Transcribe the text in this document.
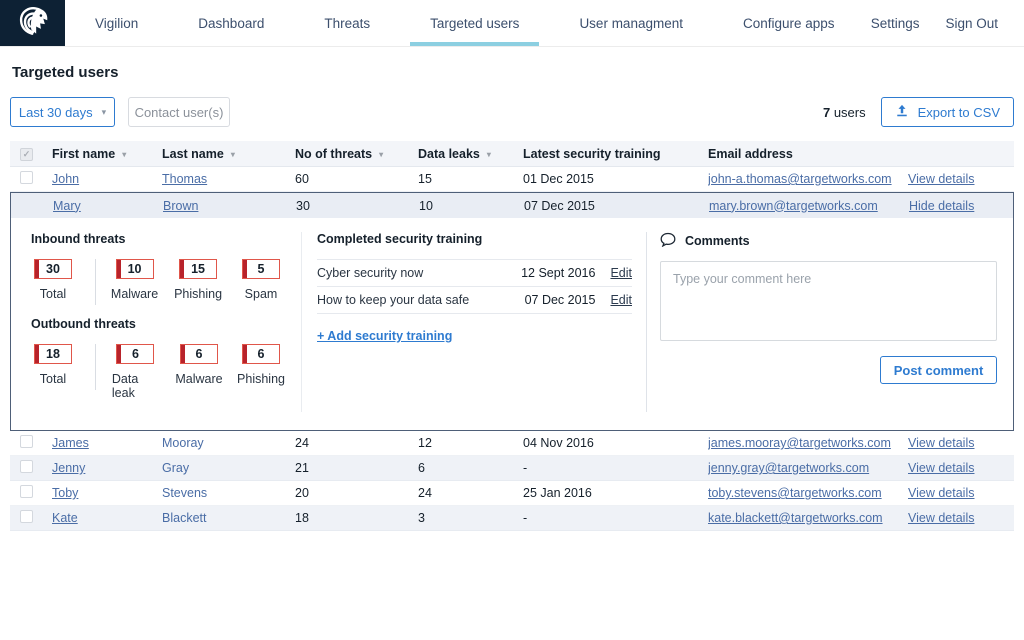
Vigilion	Dashboard	Threats	Targeted users	User managment	Configure apps	Settings Sign Out
Targeted users
Last 30 days ▾	Contact user(s)	7 users	Export to CSV
✓ First name ▾	Last name ▾	No of threats ▾	Data leaks ▾	Latest security training	Email address
John	Thomas	60	15	01 Dec 2015	john-a.thomas@targetworks.com	View details
Mary	Brown	30	10	07 Dec 2015	mary.brown@targetworks.com	Hide details
Inbound threats
30
Total
10
Malware
15
Phishing
5
Spam
Outbound threats
18
Total
6
Data leak
6
Malware
6
Phishing
Completed security training
Cyber security now	12 Sept 2016 Edit
How to keep your data safe	07 Dec 2015 Edit
+ Add security training
Comments
Type your comment here
Post comment
James	Mooray	24	12	04 Nov 2016	james.mooray@targetworks.com	View details
Jenny	Gray	21	6	-	jenny.gray@targetworks.com	View details
Toby	Stevens	20	24	25 Jan 2016	toby.stevens@targetworks.com	View details
Kate	Blackett	18	3	-	kate.blackett@targetworks.com	View details
